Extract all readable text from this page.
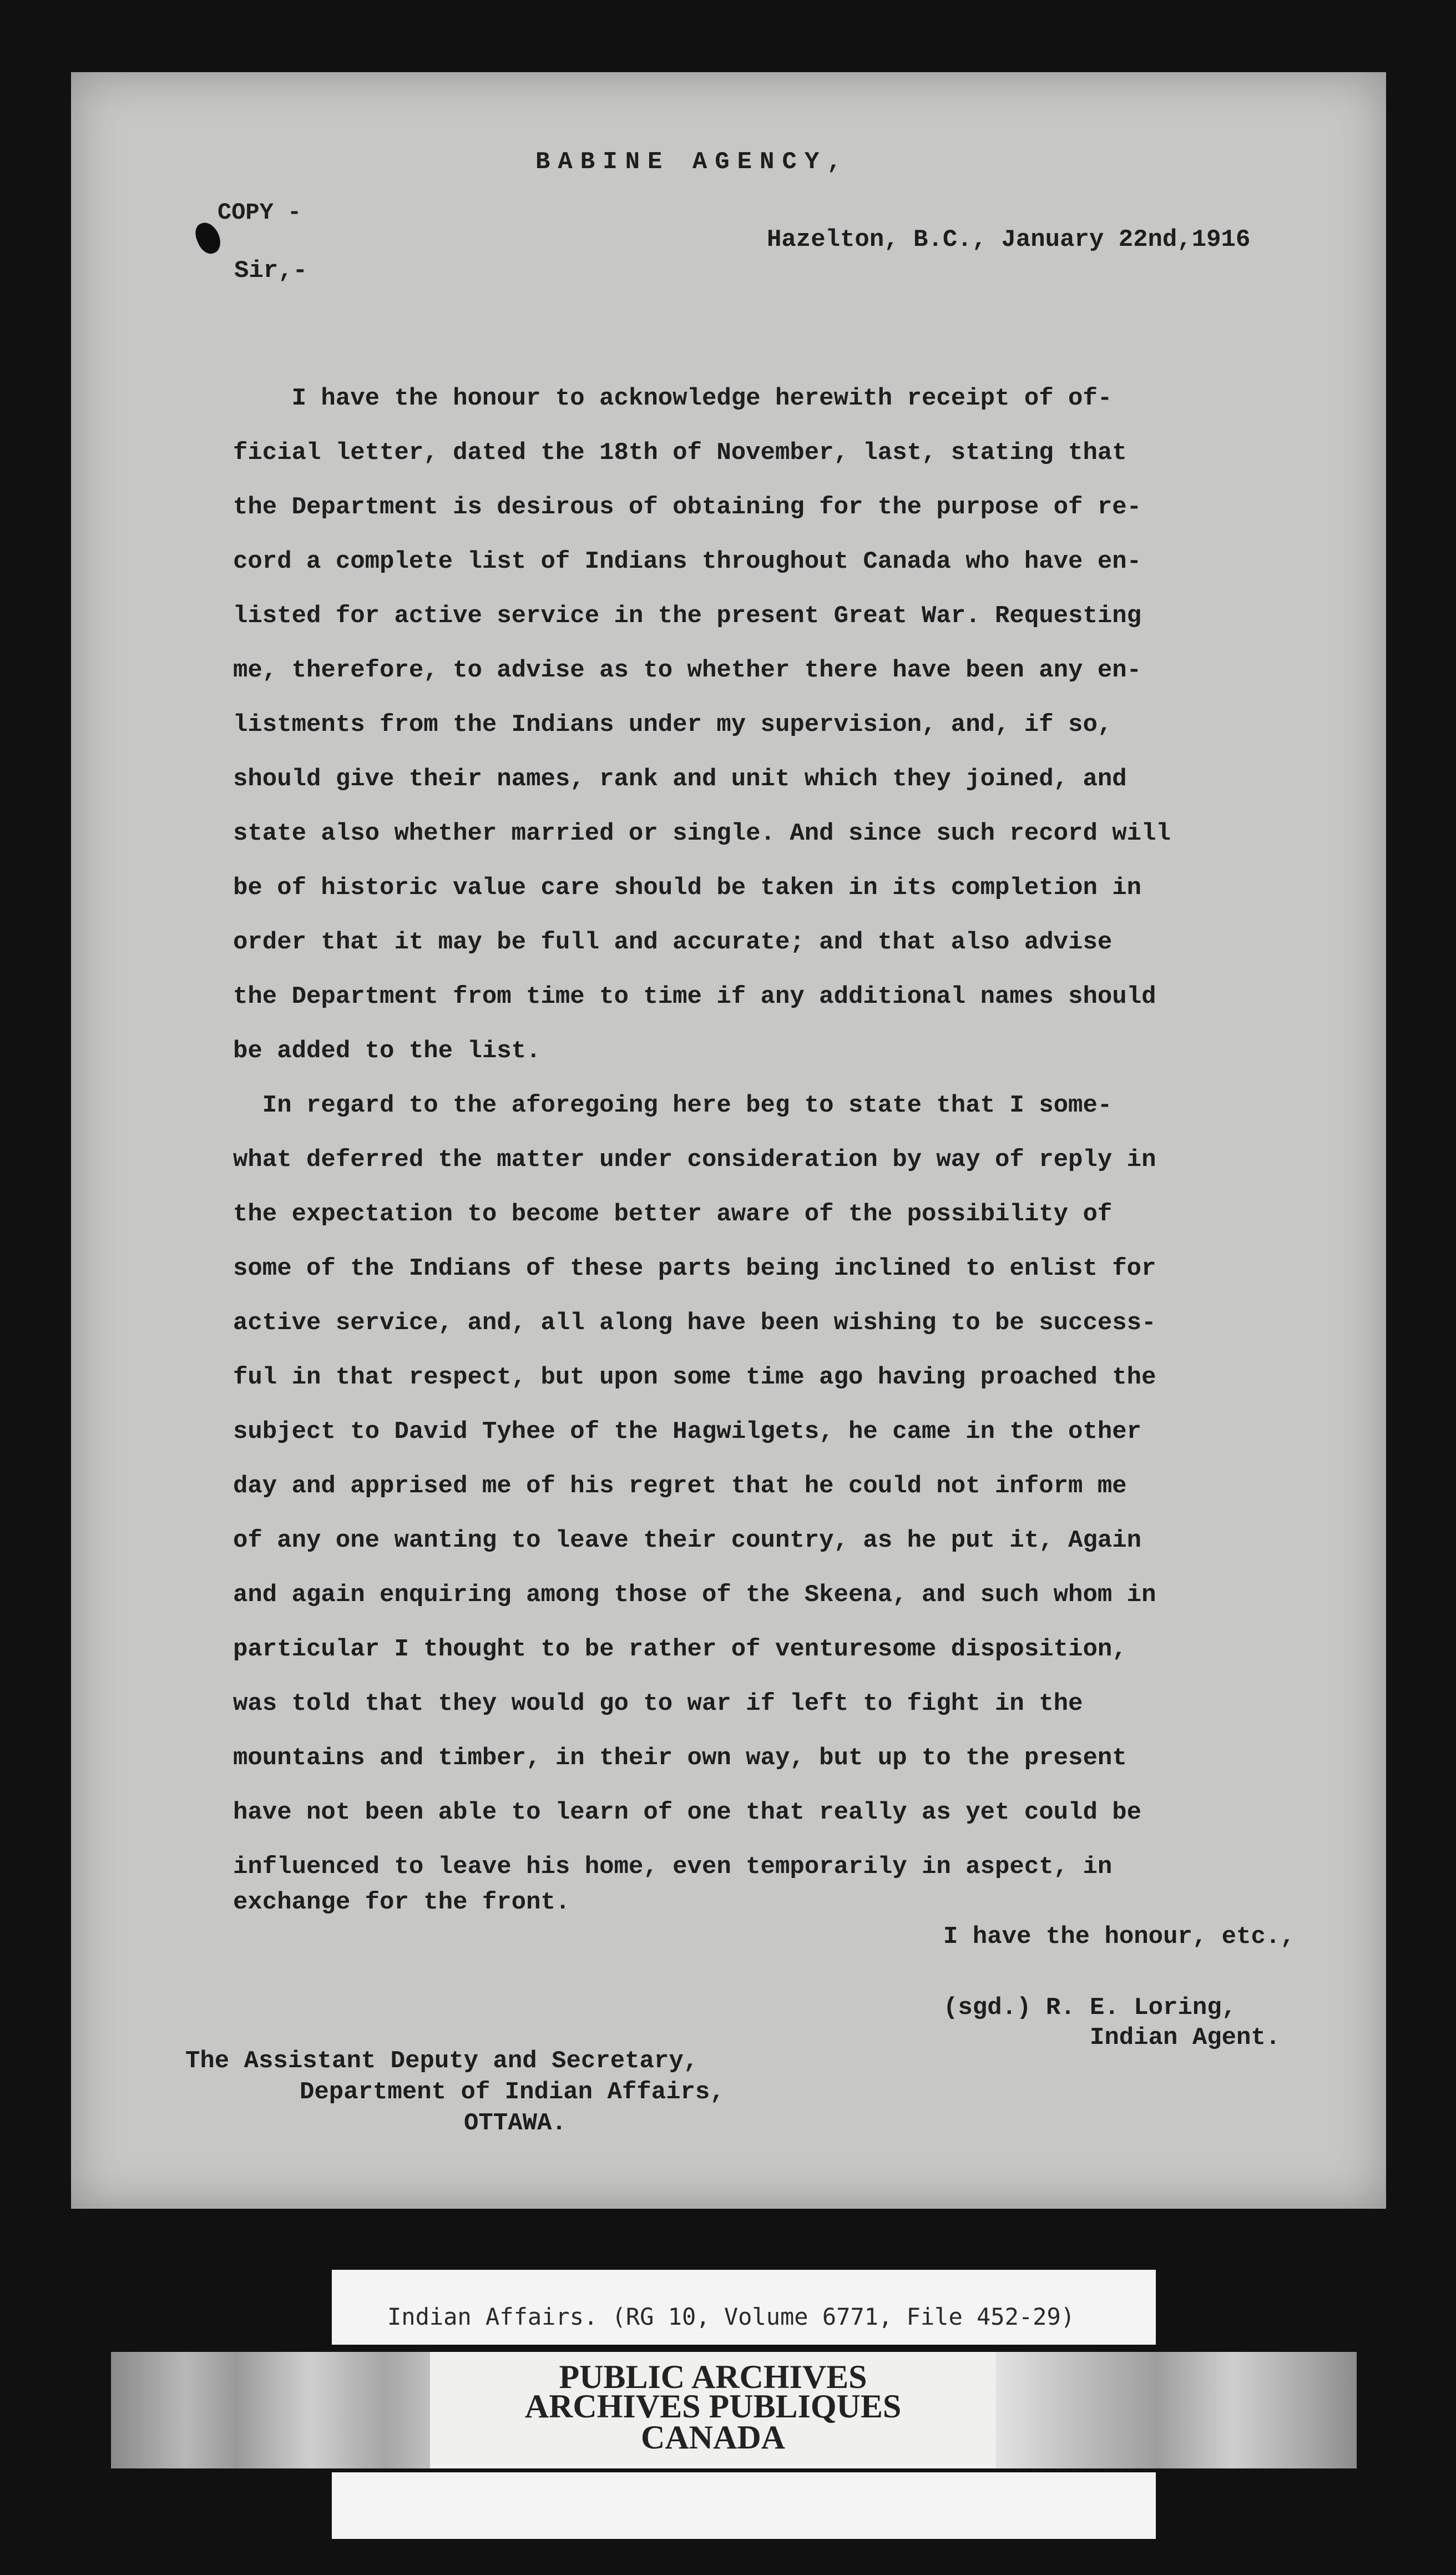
BABINE AGENCY,
COPY -
Hazelton, B.C., January 22nd,1916
Sir,-
I have the honour to acknowledge herewith receipt of of-
ficial letter, dated the 18th of November, last, stating that
the Department is desirous of obtaining for the purpose of re-
cord a complete list of Indians throughout Canada who have en-
listed for active service in the present Great War. Requesting
me, therefore, to advise as to whether there have been any en-
listments from the Indians under my supervision, and, if so,
should give their names, rank and unit which they joined, and
state also whether married or single. And since such record will
be of historic value care should be taken in its completion in
order that it may be full and accurate; and that also advise
the Department from time to time if any additional names should
be added to the list.
In regard to the aforegoing here beg to state that I some-
what deferred the matter under consideration by way of reply in
the expectation to become better aware of the possibility of
some of the Indians of these parts being inclined to enlist for
active service, and, all along have been wishing to be success-
ful in that respect, but upon some time ago having proached the
subject to David Tyhee of the Hagwilgets, he came in the other
day and apprised me of his regret that he could not inform me
of any one wanting to leave their country, as he put it, Again
and again enquiring among those of the Skeena, and such whom in
particular I thought to be rather of venturesome disposition,
was told that they would go to war if left to fight in the
mountains and timber, in their own way, but up to the present
have not been able to learn of one that really as yet could be
influenced to leave his home, even temporarily in aspect, in
exchange for the front.
I have the honour, etc.,
(sgd.) R. E. Loring,
Indian Agent.
The Assistant Deputy and Secretary,
Department of Indian Affairs,
OTTAWA.
Indian Affairs. (RG 10, Volume 6771, File 452-29)
PUBLIC ARCHIVES
ARCHIVES PUBLIQUES
CANADA
